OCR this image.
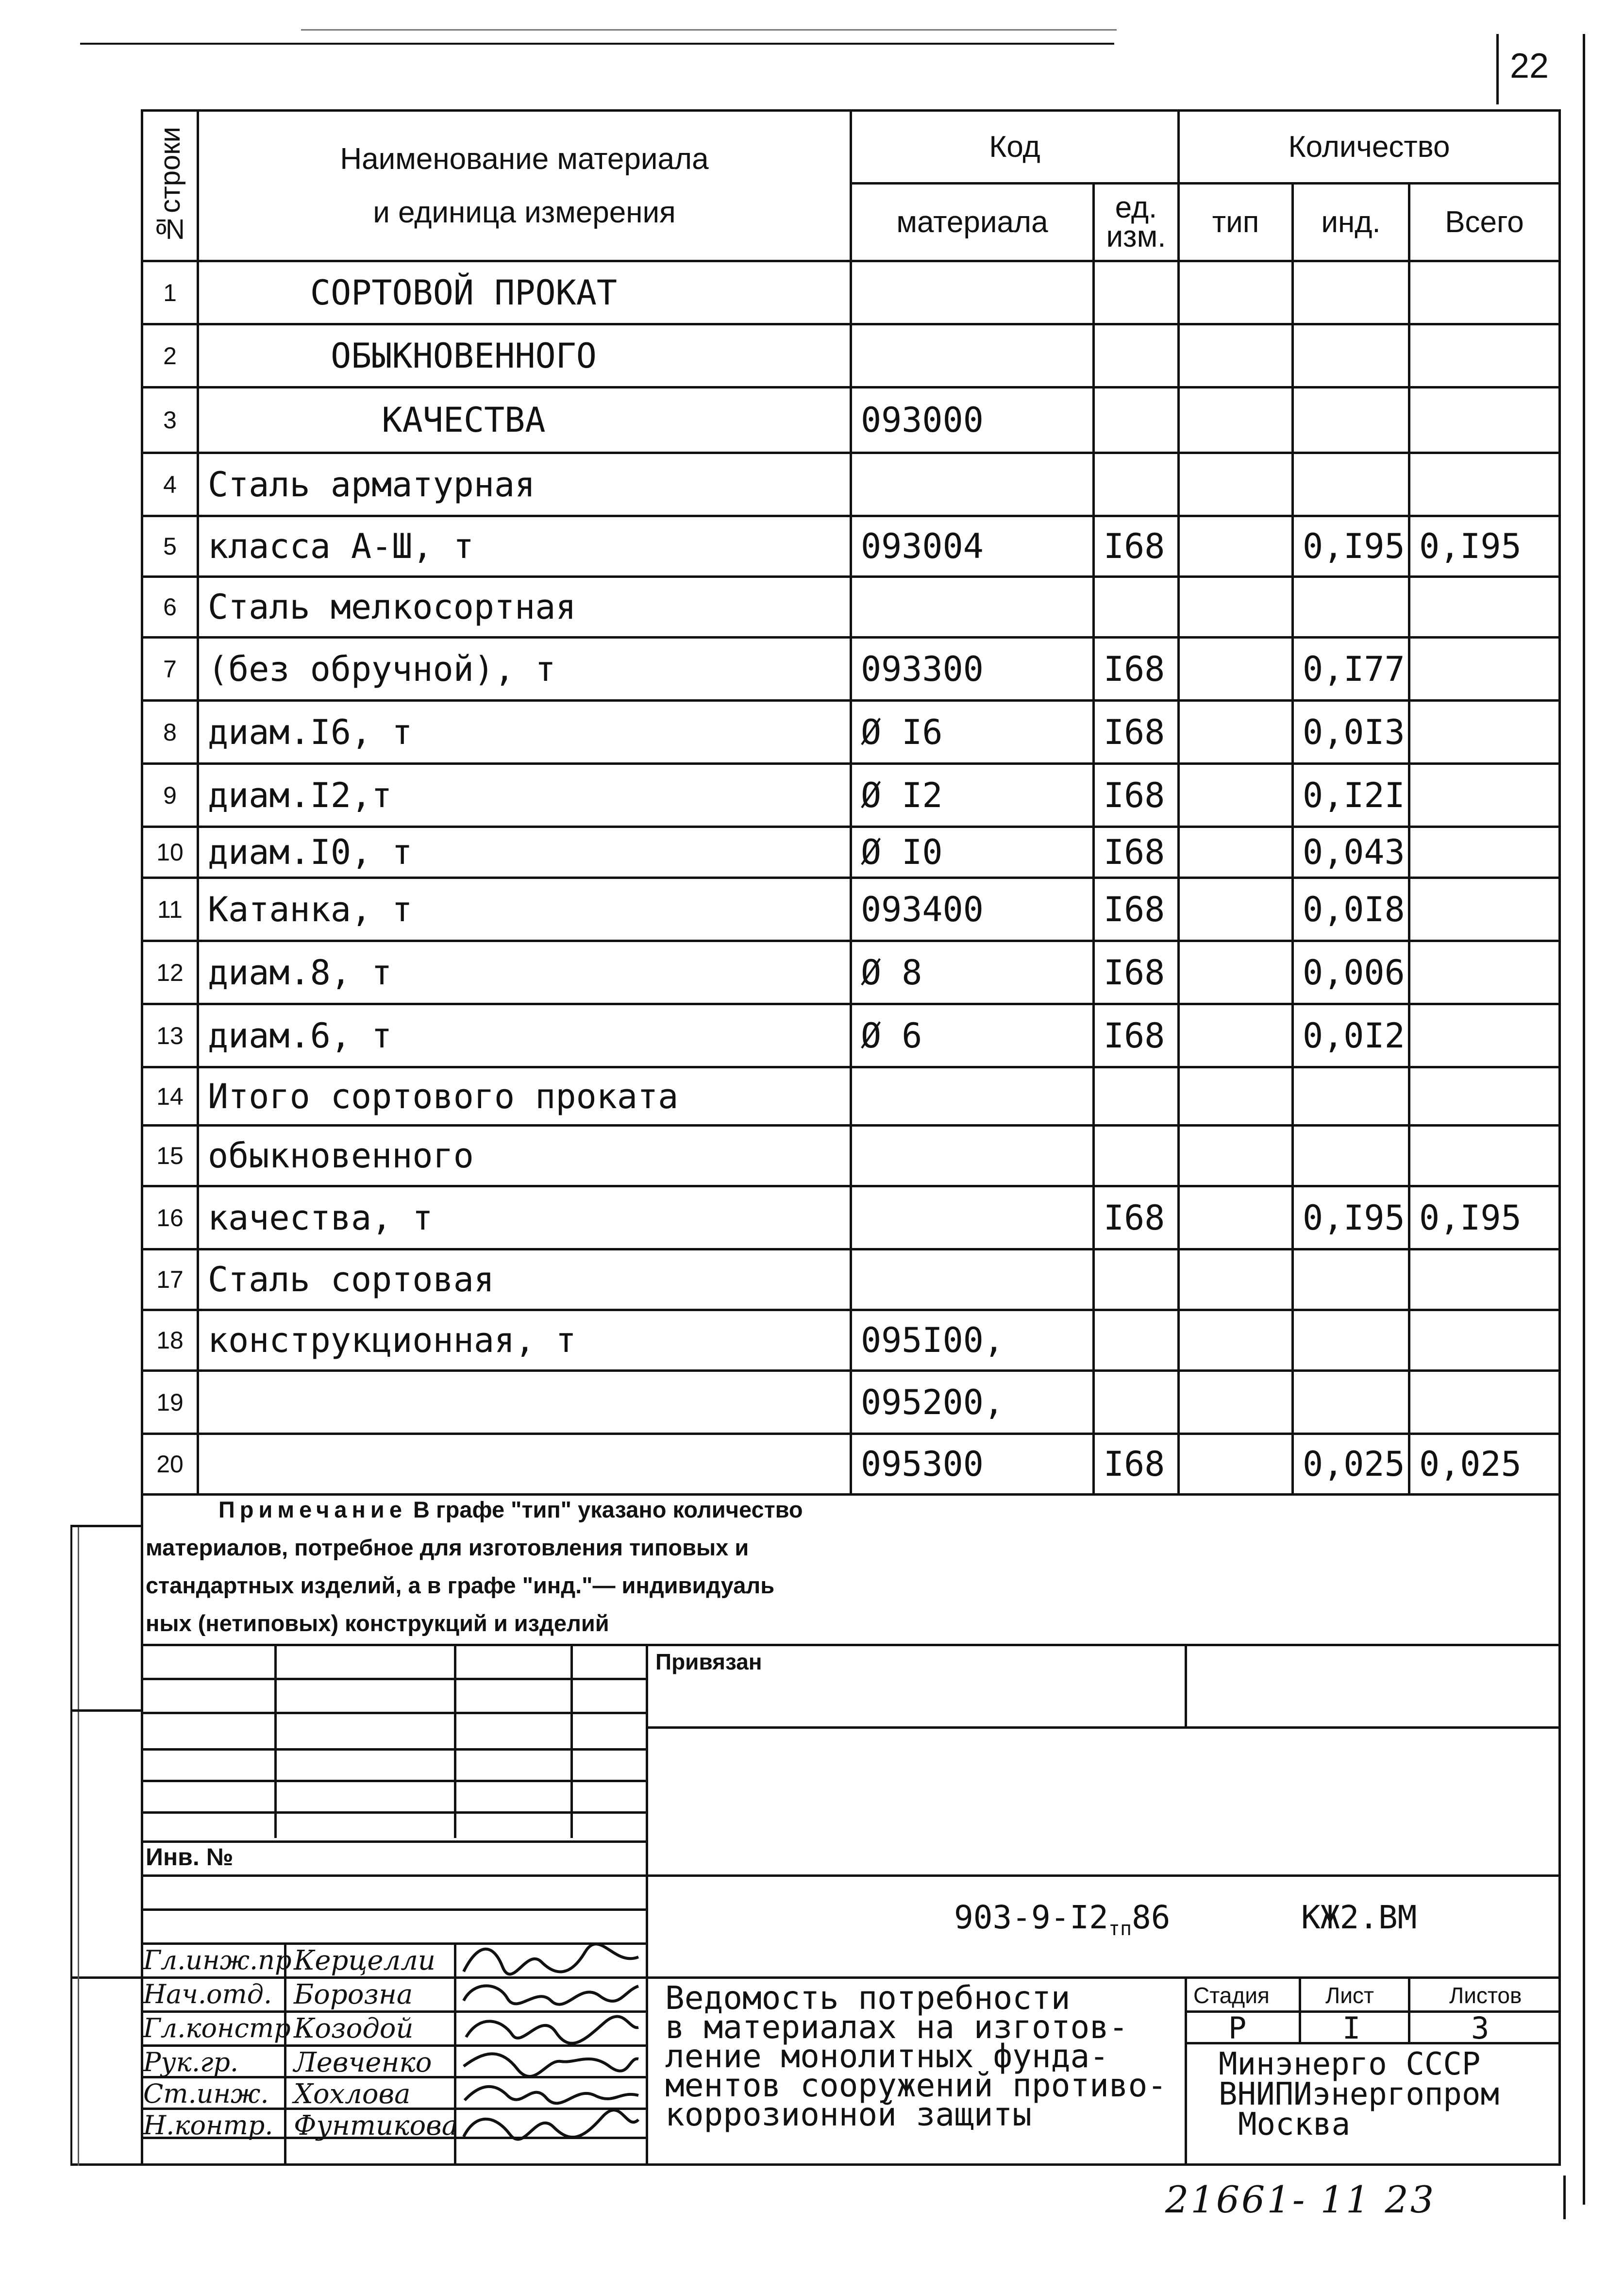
22
№строки	Наименование материала
и единица измерения	Код		Количество		
		материала	ед.
изм.	тип	инд.	Всего
1	СОРТОВОЙ ПРОКАТ					
2	ОБЫКНОВЕННОГО					
3	КАЧЕСТВА	093000				
4	Сталь арматурная					
5	класса А-Ш, т	093004	I68		0,I95	0,I95
6	Сталь мелкосортная					
7	(без обручной), т	093300	I68		0,I77	
8	диам.I6, т	Ø I6	I68		0,0I3	
9	диам.I2,т	Ø I2	I68		0,I2I	
10	диам.I0, т	Ø I0	I68		0,043	
11	Катанка, т	093400	I68		0,0I8	
12	диам.8, т	Ø 8	I68		0,006	
13	диам.6, т	Ø 6	I68		0,0I2	
14	Итого сортового проката					
15	обыкновенного					
16	качества, т		I68		0,I95	0,I95
17	Сталь сортовая					
18	конструкционная, т	095I00,				
19		095200,				
20		095300	I68		0,025	0,025
Примечание В графе "тип" указано количество
материалов, потребное для изготовления типовых и
стандартных изделий, а в графе "инд."— индивидуаль
ных (нетиповых) конструкций и изделий
Привязан
Инв. №
$903-9-I2_{тп}86$	КЖ2.ВМ
Ведомость потребности
в материалах на изготов-
ление монолитных фунда-
ментов сооружений противо-
коррозионной защиты
Стадия	Лист	Листов
Р	I	3
Минэнерго СССР
ВНИПИэнергопром
Москва
Гл.инж.пр Керцелли
Нач.отд. Борозна
Гл.констр Козодой
Рук.гр. Левченко
Ст.инж. Хохлова
Н.контр. Фунтикова
21661- 11 23
